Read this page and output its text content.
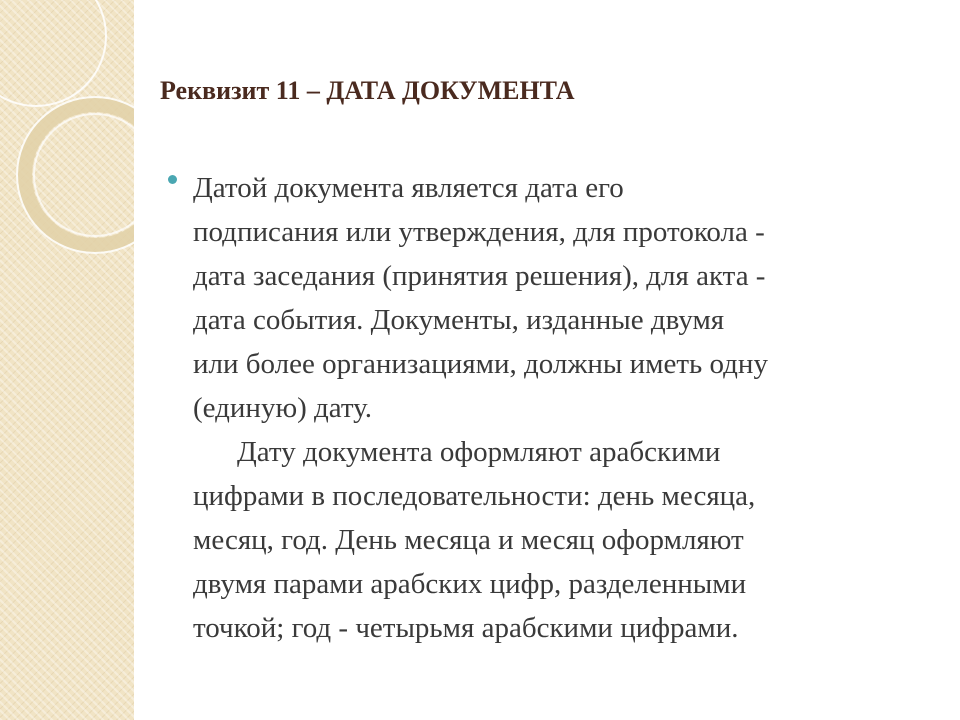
Реквизит 11 – ДАТА ДОКУМЕНТА

Датой документа является дата его
подписания или утверждения, для протокола -
дата заседания (принятия решения), для акта -
дата события. Документы, изданные двумя
или более организациями, должны иметь одну
(единую) дату.

Дату документа оформляют арабскими
цифрами в последовательности: день месяца,
месяц, год. День месяца и месяц оформляют
двумя парами арабских цифр, разделенными
точкой; год - четырьмя арабскими цифрами.
